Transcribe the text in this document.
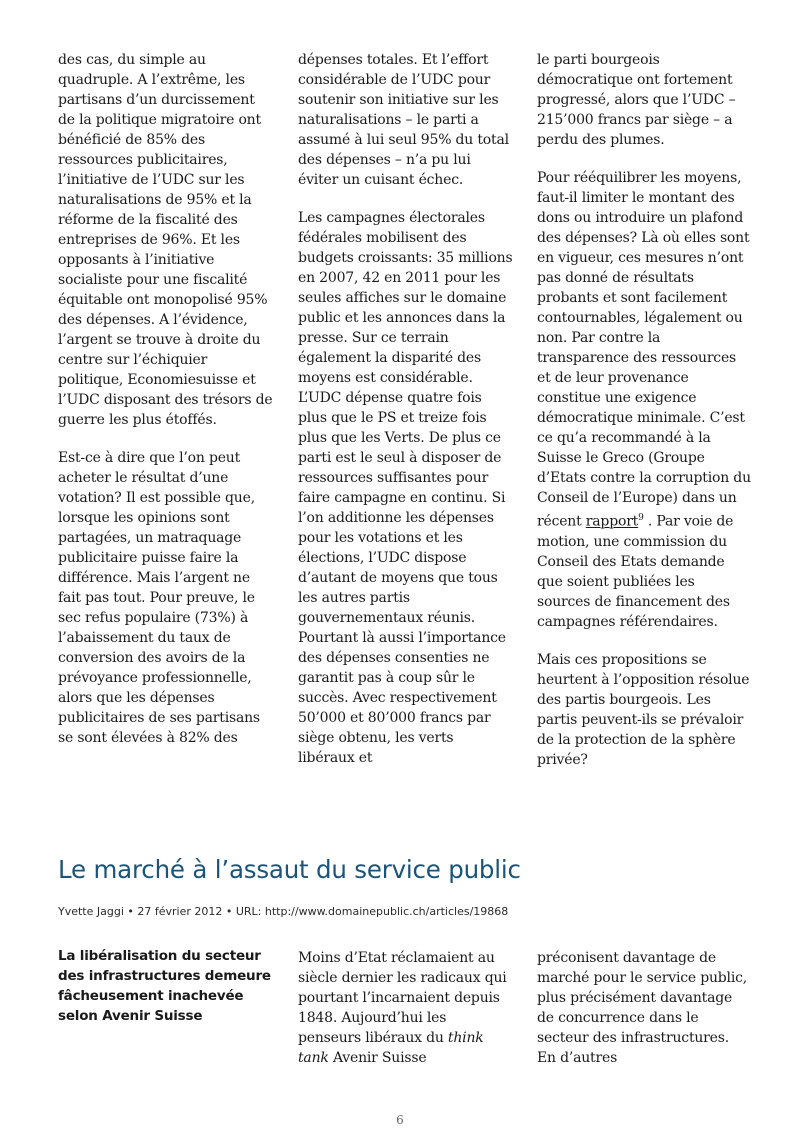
des cas, du simple au quadruple. A l’extrême, les partisans d’un durcissement de la politique migratoire ont bénéficié de 85% des ressources publicitaires, l’initiative de l’UDC sur les naturalisations de 95% et la réforme de la fiscalité des entreprises de 96%. Et les opposants à l’initiative socialiste pour une fiscalité équitable ont monopolisé 95% des dépenses. A l’évidence, l’argent se trouve à droite du centre sur l’échiquier politique, Economiesuisse et l’UDC disposant des trésors de guerre les plus étoffés.

Est-ce à dire que l’on peut acheter le résultat d’une votation? Il est possible que, lorsque les opinions sont partagées, un matraquage publicitaire puisse faire la différence. Mais l’argent ne fait pas tout. Pour preuve, le sec refus populaire (73%) à l’abaissement du taux de conversion des avoirs de la prévoyance professionnelle, alors que les dépenses publicitaires de ses partisans se sont élevées à 82% des

dépenses totales. Et l’effort considérable de l’UDC pour soutenir son initiative sur les naturalisations – le parti a assumé à lui seul 95% du total des dépenses – n’a pu lui éviter un cuisant échec.

Les campagnes électorales fédérales mobilisent des budgets croissants: 35 millions en 2007, 42 en 2011 pour les seules affiches sur le domaine public et les annonces dans la presse. Sur ce terrain également la disparité des moyens est considérable. L’UDC dépense quatre fois plus que le PS et treize fois plus que les Verts. De plus ce parti est le seul à disposer de ressources suffisantes pour faire campagne en continu. Si l’on additionne les dépenses pour les votations et les élections, l’UDC dispose d’autant de moyens que tous les autres partis gouvernementaux réunis. Pourtant là aussi l’importance des dépenses consenties ne garantit pas à coup sûr le succès. Avec respectivement 50’000 et 80’000 francs par siège obtenu, les verts libéraux et

le parti bourgeois démocratique ont fortement progressé, alors que l’UDC – 215’000 francs par siège – a perdu des plumes.

Pour rééquilibrer les moyens, faut-il limiter le montant des dons ou introduire un plafond des dépenses? Là où elles sont en vigueur, ces mesures n’ont pas donné de résultats probants et sont facilement contournables, légalement ou non. Par contre la transparence des ressources et de leur provenance constitue une exigence démocratique minimale. C’est ce qu’a recommandé à la Suisse le Greco (Groupe d’Etats contre la corruption du Conseil de l’Europe) dans un récent rapport$^9$ . Par voie de motion, une commission du Conseil des Etats demande que soient publiées les sources de financement des campagnes référendaires.

Mais ces propositions se heurtent à l’opposition résolue des partis bourgeois. Les partis peuvent-ils se prévaloir de la protection de la sphère privée?

Le marché à l’assaut du service public
Yvette Jaggi • 27 février 2012 • URL: http://www.domainepublic.ch/articles/19868

La libéralisation du secteur des infrastructures demeure fâcheusement inachevée selon Avenir Suisse

Moins d’Etat réclamaient au siècle dernier les radicaux qui pourtant l’incarnaient depuis 1848. Aujourd’hui les penseurs libéraux du think tank Avenir Suisse

préconisent davantage de marché pour le service public, plus précisément davantage de concurrence dans le secteur des infrastructures. En d’autres

6
